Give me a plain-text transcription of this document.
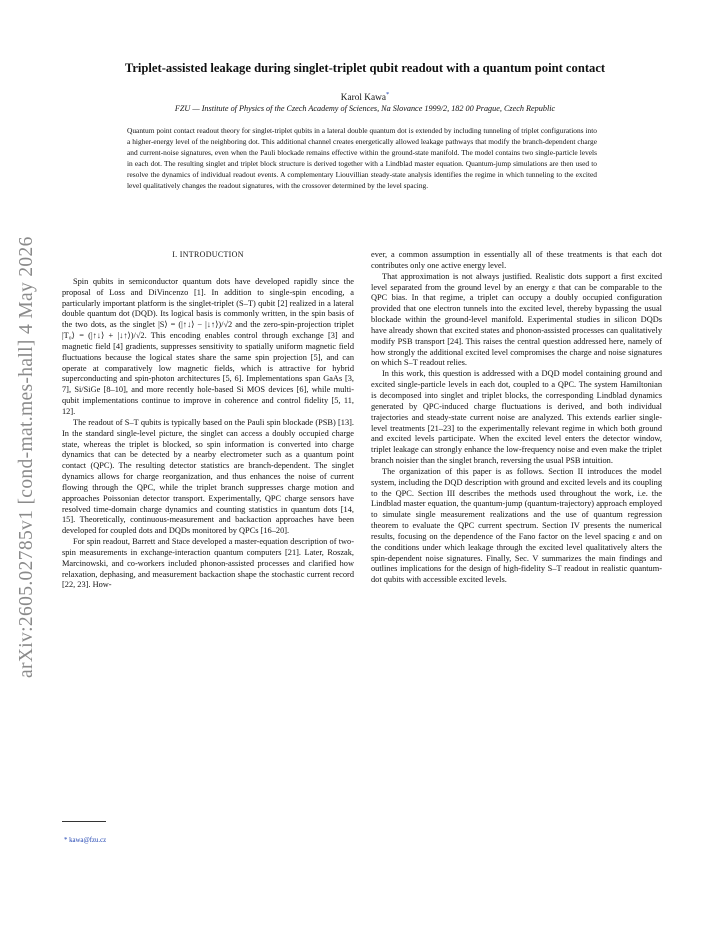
arXiv:2605.02785v1 [cond-mat.mes-hall] 4 May 2026
Triplet-assisted leakage during singlet-triplet qubit readout with a quantum point contact
Karol Kawa*
FZU — Institute of Physics of the Czech Academy of Sciences, Na Slovance 1999/2, 182 00 Prague, Czech Republic
Quantum point contact readout theory for singlet-triplet qubits in a lateral double quantum dot is extended by including tunneling of triplet configurations into a higher-energy level of the neighboring dot. This additional channel creates energetically allowed leakage pathways that modify the branch-dependent charge and current-noise signatures, even when the Pauli blockade remains effective within the ground-state manifold. The model contains two single-particle levels in each dot. The resulting singlet and triplet block structure is derived together with a Lindblad master equation. Quantum-jump simulations are then used to resolve the dynamics of individual readout events. A complementary Liouvillian steady-state analysis identifies the regime in which tunneling to the excited level qualitatively changes the readout signatures, with the crossover determined by the level spacing.
I. INTRODUCTION

Spin qubits in semiconductor quantum dots have developed rapidly since the proposal of Loss and DiVincenzo [1]. In addition to single-spin encoding, a particularly important platform is the singlet-triplet (S–T) qubit [2] realized in a lateral double quantum dot (DQD). Its logical basis is commonly written, in the spin basis of the two dots, as the singlet |S⟩ = (|↑↓⟩ − |↓↑⟩)/√2 and the zero-spin-projection triplet |T₀⟩ = (|↑↓⟩ + |↓↑⟩)/√2. This encoding enables control through exchange [3] and magnetic field [4] gradients, suppresses sensitivity to spatially uniform magnetic field fluctuations because the logical states share the same spin projection [5], and can operate at comparatively low magnetic fields, which is attractive for hybrid superconducting and spin-photon architectures [5, 6]. Implementations span GaAs [3, 7], Si/SiGe [8–10], and more recently hole-based Si MOS devices [6], while multi-qubit implementations continue to improve in coherence and control fidelity [5, 11, 12].

The readout of S–T qubits is typically based on the Pauli spin blockade (PSB) [13]. In the standard single-level picture, the singlet can access a doubly occupied charge state, whereas the triplet is blocked, so spin information is converted into charge dynamics that can be detected by a nearby electrometer such as a quantum point contact (QPC). The resulting detector statistics are branch-dependent. The singlet dynamics allows for charge reorganization, and thus enhances the noise of current flowing through the QPC, while the triplet branch suppresses charge motion and approaches Poissonian detector transport. Experimentally, QPC charge sensors have resolved time-domain charge dynamics and counting statistics in quantum dots [14, 15]. Theoretically, continuous-measurement and backaction approaches have been developed for coupled dots and DQDs monitored by QPCs [16–20].

For spin readout, Barrett and Stace developed a master-equation description of two-spin measurements in exchange-interaction quantum computers [21]. Later, Roszak, Marcinowski, and co-workers included phonon-assisted processes and clarified how relaxation, dephasing, and measurement backaction shape the stochastic current record [22, 23]. How-

ever, a common assumption in essentially all of these treatments is that each dot contributes only one active energy level.

That approximation is not always justified. Realistic dots support a first excited level separated from the ground level by an energy ε that can be comparable to the QPC bias. In that regime, a triplet can occupy a doubly occupied configuration provided that one electron tunnels into the excited level, thereby bypassing the usual blockade within the ground-level manifold. Experimental studies in silicon DQDs have already shown that excited states and phonon-assisted processes can qualitatively modify PSB transport [24]. This raises the central question addressed here, namely of how strongly the additional excited level compromises the charge and noise signatures on which S–T readout relies.

In this work, this question is addressed with a DQD model containing ground and excited single-particle levels in each dot, coupled to a QPC. The system Hamiltonian is decomposed into singlet and triplet blocks, the corresponding Lindblad dynamics generated by QPC-induced charge fluctuations is derived, and both individual trajectories and steady-state current noise are analyzed. This extends earlier single-level treatments [21–23] to the experimentally relevant regime in which both ground and excited levels participate. When the excited level enters the detector window, triplet leakage can strongly enhance the low-frequency noise and even make the triplet branch noisier than the singlet branch, reversing the usual PSB intuition.

The organization of this paper is as follows. Section II introduces the model system, including the DQD description with ground and excited levels and its coupling to the QPC. Section III describes the methods used throughout the work, i.e. the Lindblad master equation, the quantum-jump (quantum-trajectory) approach employed to simulate single measurement realizations and the use of quantum regression theorem to evaluate the QPC current spectrum. Section IV presents the numerical results, focusing on the dependence of the Fano factor on the level spacing ε and on the conditions under which leakage through the excited level qualitatively alters the spin-dependent noise signatures. Finally, Sec. V summarizes the main findings and outlines implications for the design of high-fidelity S–T readout in realistic quantum-dot qubits with accessible excited levels.

* kawa@fzu.cz
